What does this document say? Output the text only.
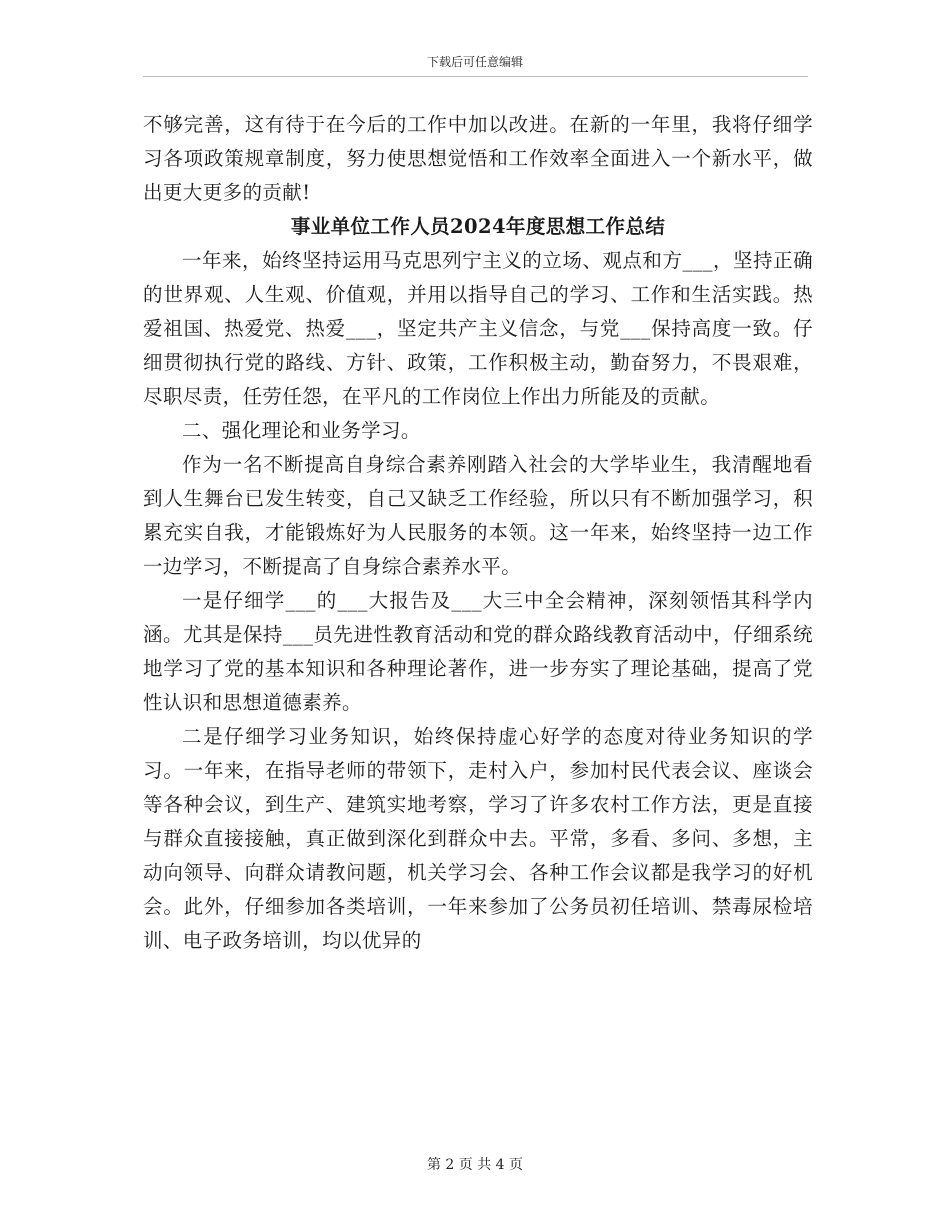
下载后可任意编辑

不够完善，这有待于在今后的工作中加以改进。在新的一年里，我将仔细学习各项政策规章制度，努力使思想觉悟和工作效率全面进入一个新水平，做出更大更多的贡献!

事业单位工作人员2024年度思想工作总结

一年来，始终坚持运用马克思列宁主义的立场、观点和方___，坚持正确的世界观、人生观、价值观，并用以指导自己的学习、工作和生活实践。热爱祖国、热爱党、热爱___，坚定共产主义信念，与党___保持高度一致。仔细贯彻执行党的路线、方针、政策，工作积极主动，勤奋努力，不畏艰难，尽职尽责，任劳任怨，在平凡的工作岗位上作出力所能及的贡献。

二、强化理论和业务学习。

作为一名不断提高自身综合素养刚踏入社会的大学毕业生，我清醒地看到人生舞台已发生转变，自己又缺乏工作经验，所以只有不断加强学习，积累充实自我，才能锻炼好为人民服务的本领。这一年来，始终坚持一边工作一边学习，不断提高了自身综合素养水平。

一是仔细学___的___大报告及___大三中全会精神，深刻领悟其科学内涵。尤其是保持___员先进性教育活动和党的群众路线教育活动中，仔细系统地学习了党的基本知识和各种理论著作，进一步夯实了理论基础，提高了党性认识和思想道德素养。

二是仔细学习业务知识，始终保持虚心好学的态度对待业务知识的学习。一年来，在指导老师的带领下，走村入户，参加村民代表会议、座谈会等各种会议，到生产、建筑实地考察，学习了许多农村工作方法，更是直接与群众直接接触，真正做到深化到群众中去。平常，多看、多问、多想，主动向领导、向群众请教问题，机关学习会、各种工作会议都是我学习的好机会。此外，仔细参加各类培训，一年来参加了公务员初任培训、禁毒尿检培训、电子政务培训，均以优异的

第 2 页 共 4 页
